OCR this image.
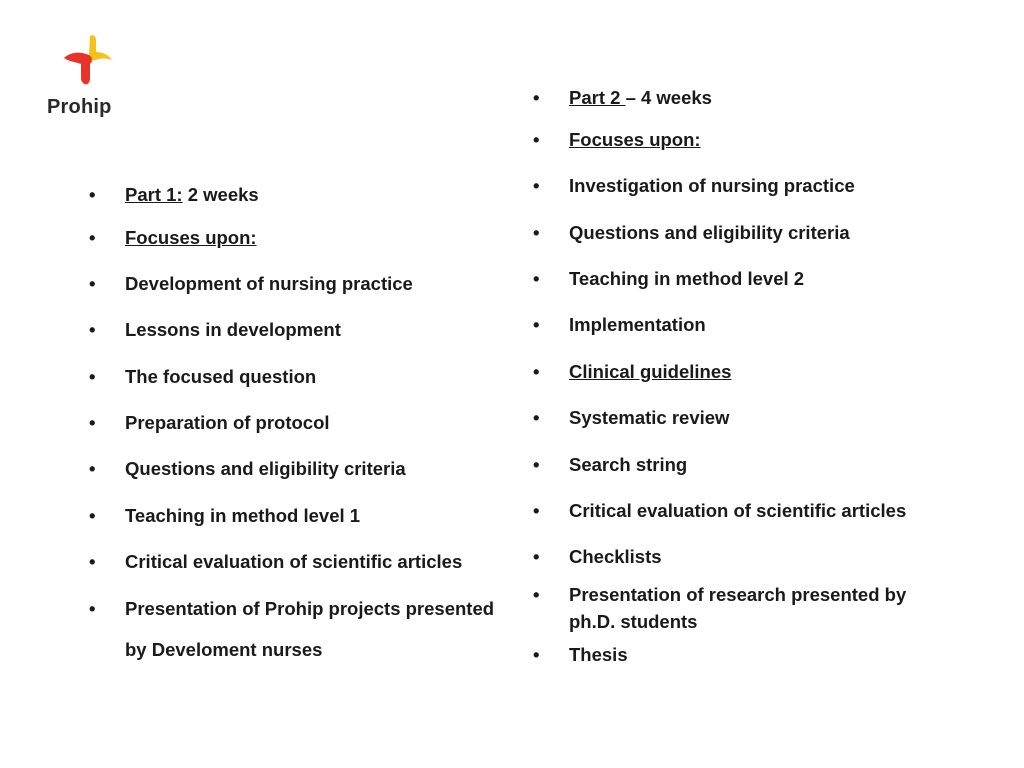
Prohip
• Part 1: 2 weeks
• Focuses upon:
• Development of nursing practice
• Lessons in development
• The focused question
• Preparation of protocol
• Questions and eligibility criteria
• Teaching in method level 1
• Critical evaluation of scientific articles
• Presentation of Prohip projects presented
by Develoment nurses
• Part 2 – 4 weeks
• Focuses upon:
• Investigation of nursing practice
• Questions and eligibility criteria
• Teaching in method level 2
• Implementation
• Clinical guidelines
• Systematic review
• Search string
• Critical evaluation of scientific articles
• Checklists
• Presentation of research presented by
ph.D. students
• Thesis
